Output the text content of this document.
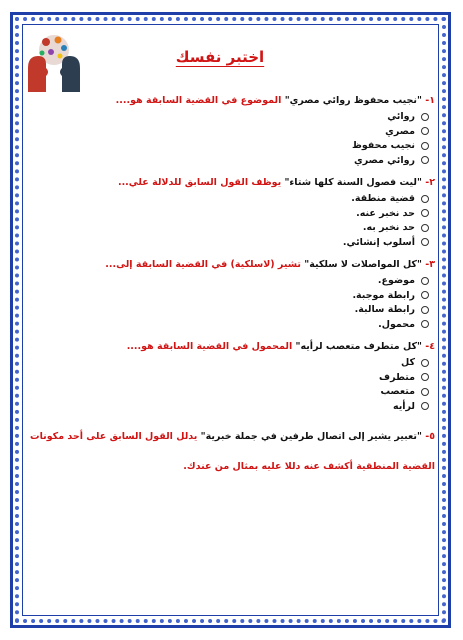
اختبر نفسك
١- "نجيب محفوظ روائي مصري" الموضوع في القضية السابقة هو....
روائي
مصري
نجيب محفوظ
روائي مصري
٢- "ليت فصول السنة كلها شتاء" يوظف القول السابق للدلالة علي...
قضية منطقة.
حد نخبر عنه.
حد نخبر به.
أسلوب إنشائي.
٣- "كل المواصلات لا سلكية" تشير (لاسلكية) في القضية السابقة إلى...
موضوع.
رابطة موجبة.
رابطة سالبة.
محمول.
٤- "كل متطرف متعصب لرأيه" المحمول في القضية السابقة هو....
كل
متطرف
متعصب
لرأيه
٥- "تعبير يشير إلى اتصال طرفين في جملة خبرية" يدلل القول السابق على أحد مكونات القضية المنطقية أكشف عنه دللا عليه بمثال من عندك.
